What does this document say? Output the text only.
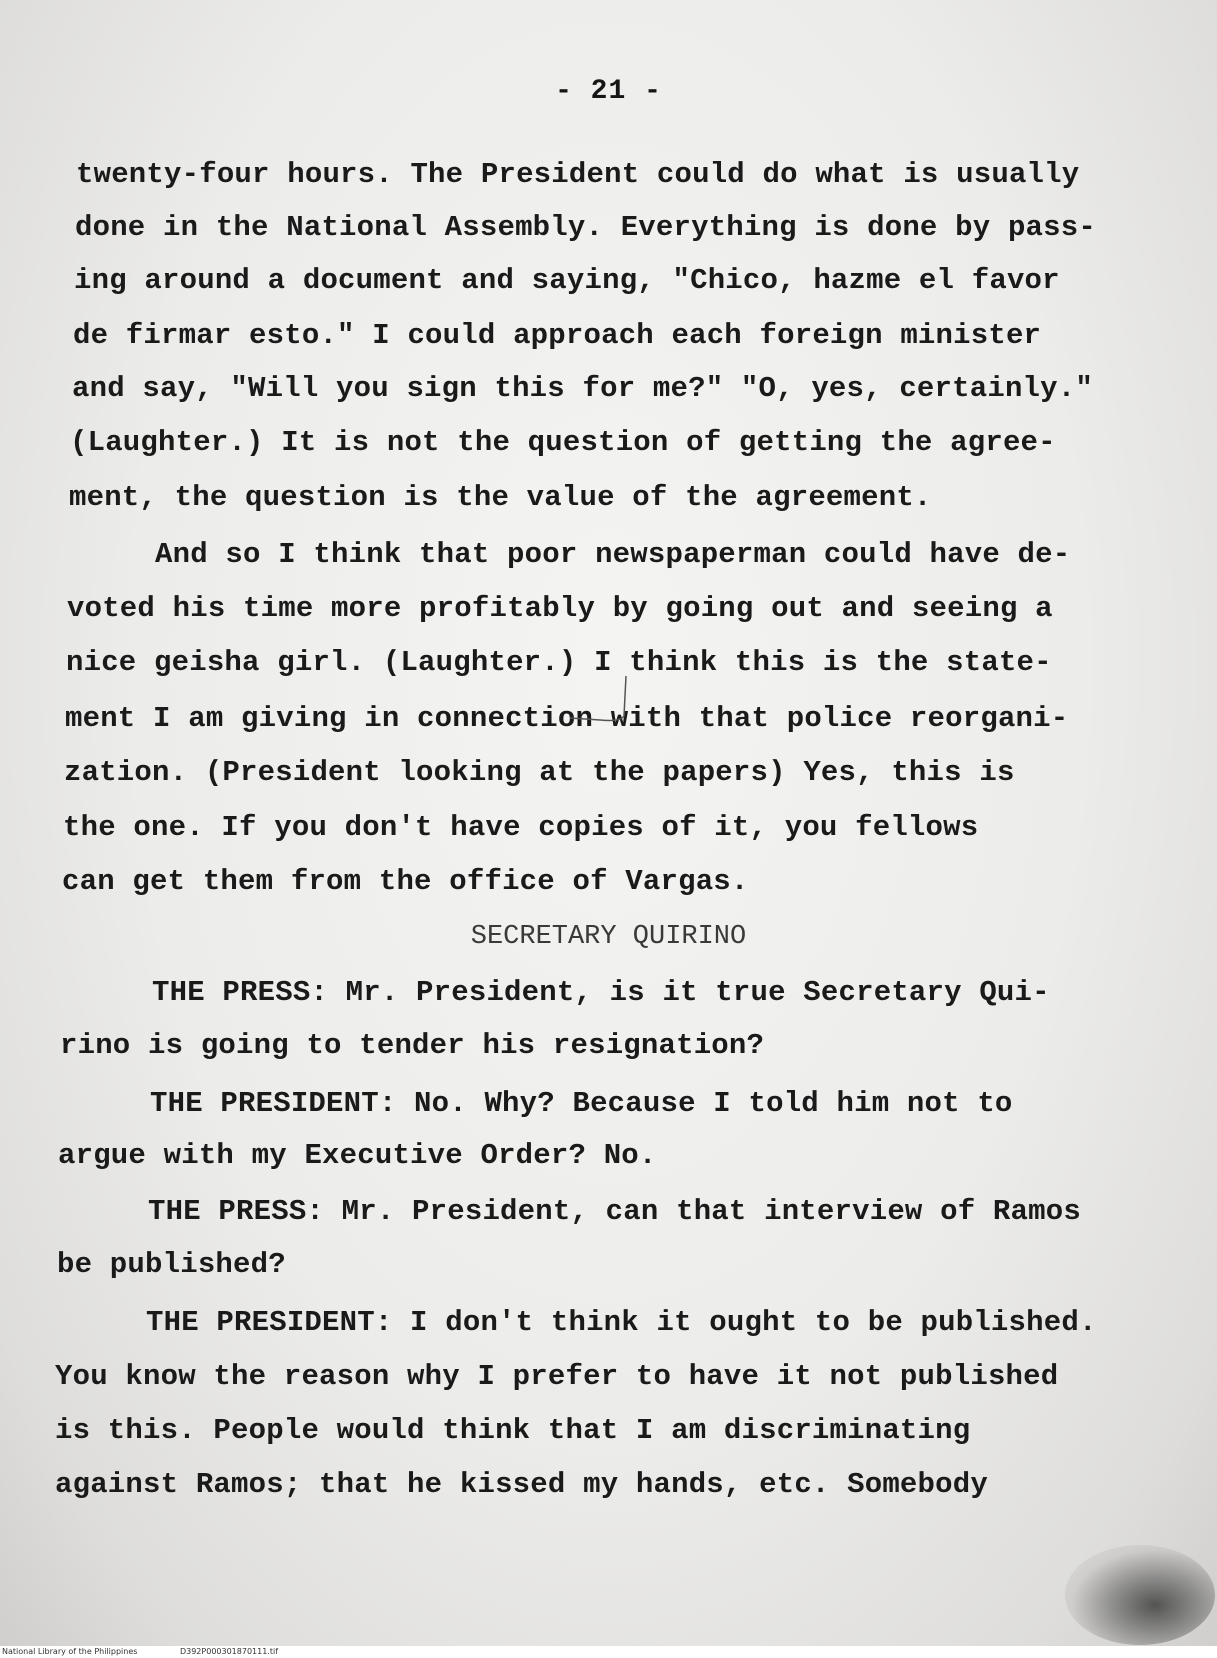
- 21 -
twenty-four hours. The President could do what is usually
done in the National Assembly. Everything is done by pass-
ing around a document and saying, "Chico, hazme el favor
de firmar esto." I could approach each foreign minister
and say, "Will you sign this for me?" "O, yes, certainly."
(Laughter.) It is not the question of getting the agree-
ment, the question is the value of the agreement.
And so I think that poor newspaperman could have de-
voted his time more profitably by going out and seeing a
nice geisha girl. (Laughter.) I think this is the state-
ment I am giving in connection with that police reorgani-
zation. (President looking at the papers) Yes, this is
the one. If you don't have copies of it, you fellows
can get them from the office of Vargas.
SECRETARY QUIRINO
THE PRESS: Mr. President, is it true Secretary Qui-
rino is going to tender his resignation?
THE PRESIDENT: No. Why? Because I told him not to
argue with my Executive Order? No.
THE PRESS: Mr. President, can that interview of Ramos
be published?
THE PRESIDENT: I don't think it ought to be published.
You know the reason why I prefer to have it not published
is this. People would think that I am discriminating
against Ramos; that he kissed my hands, etc. Somebody
National Library of the Philippines	D392P000301870111.tif
